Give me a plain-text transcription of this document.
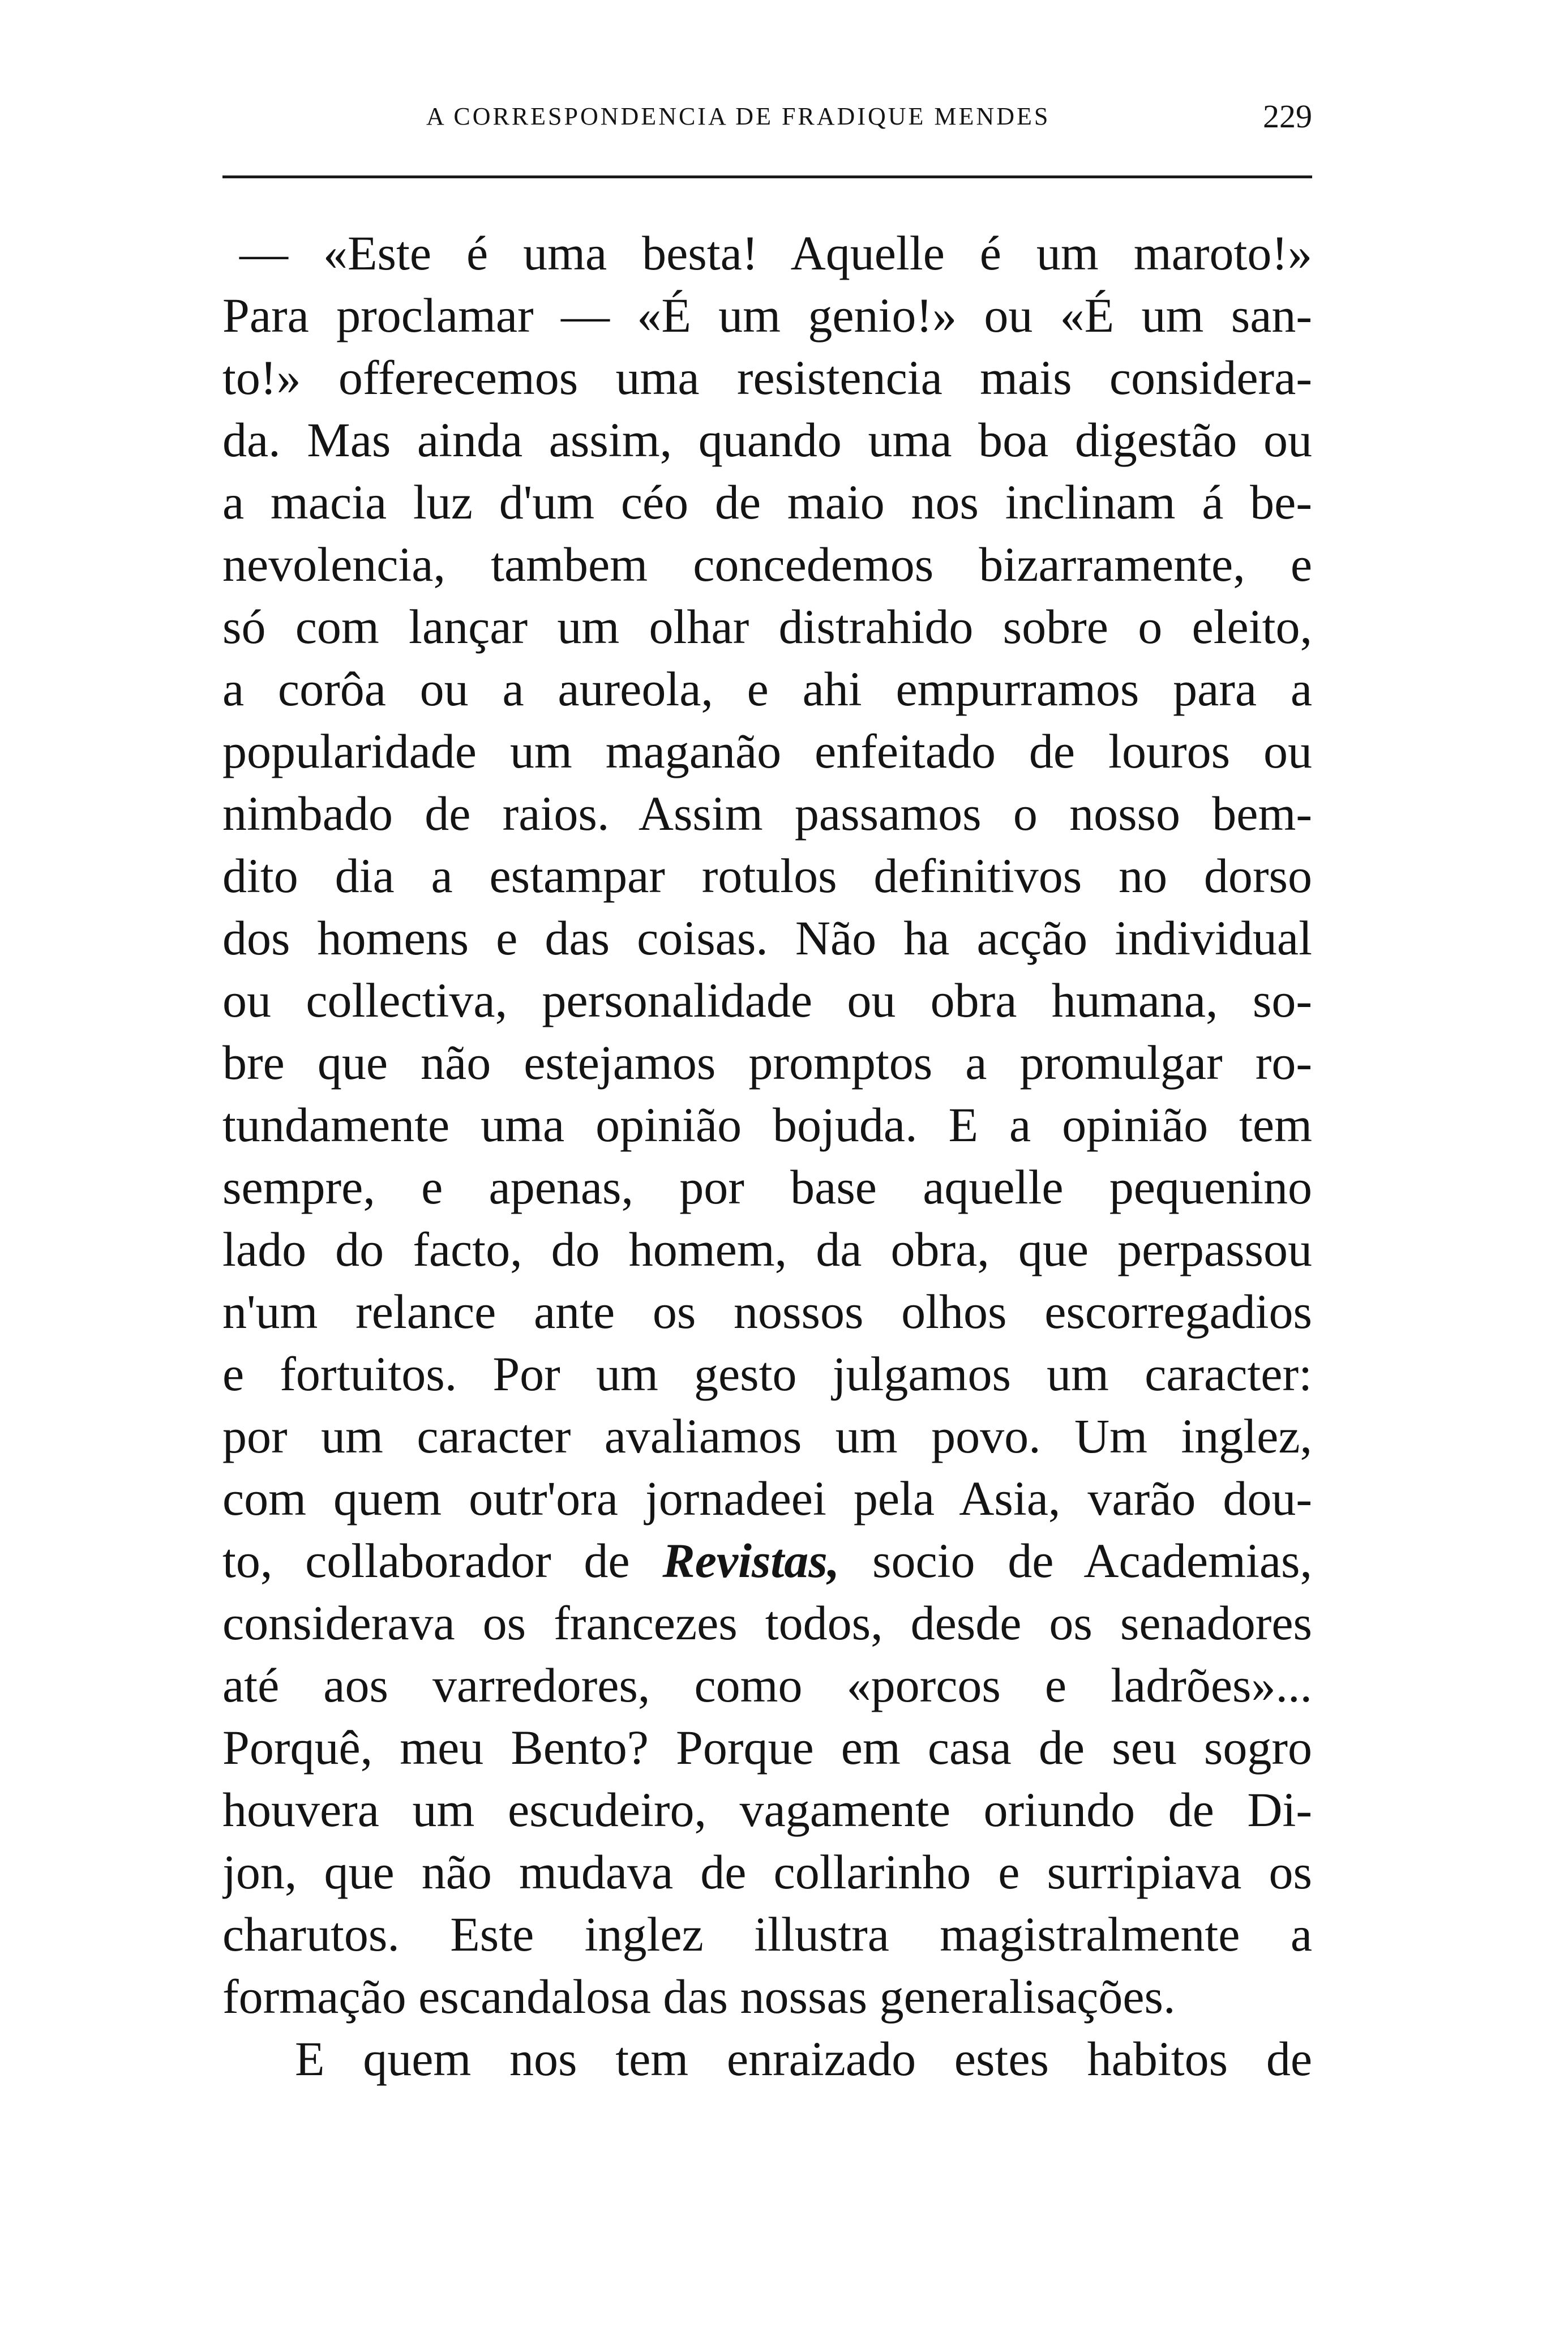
A CORRESPONDENCIA DE FRADIQUE MENDES	229
— «Este é uma besta! Aquelle é um maroto!»
Para proclamar — «É um genio!» ou «É um san-
to!» offerecemos uma resistencia mais considera-
da. Mas ainda assim, quando uma boa digestão ou
a macia luz d'um céo de maio nos inclinam á be-
nevolencia, tambem concedemos bizarramente, e
só com lançar um olhar distrahido sobre o eleito,
a corôa ou a aureola, e ahi empurramos para a
popularidade um maganão enfeitado de louros ou
nimbado de raios. Assim passamos o nosso bem-
dito dia a estampar rotulos definitivos no dorso
dos homens e das coisas. Não ha acção individual
ou collectiva, personalidade ou obra humana, so-
bre que não estejamos promptos a promulgar ro-
tundamente uma opinião bojuda. E a opinião tem
sempre, e apenas, por base aquelle pequenino
lado do facto, do homem, da obra, que perpassou
n'um relance ante os nossos olhos escorregadios
e fortuitos. Por um gesto julgamos um caracter:
por um caracter avaliamos um povo. Um inglez,
com quem outr'ora jornadeei pela Asia, varão dou-
to, collaborador de Revistas, socio de Academias,
considerava os francezes todos, desde os senadores
até aos varredores, como «porcos e ladrões»...
Porquê, meu Bento? Porque em casa de seu sogro
houvera um escudeiro, vagamente oriundo de Di-
jon, que não mudava de collarinho e surripiava os
charutos. Este inglez illustra magistralmente a
formação escandalosa das nossas generalisações.
E quem nos tem enraizado estes habitos de
